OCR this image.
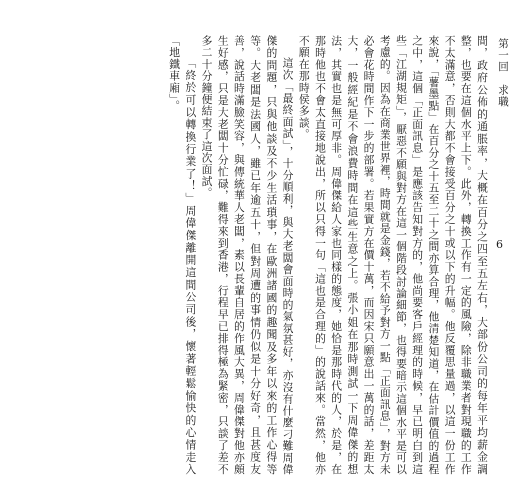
第一回求職
6

間，政府公佈的通脹率，大概在百分之四至五左右，大部份公司的每年平均薪金調整，也要在這個水平上下。此外，轉換工作有一定的風險，除非職業者對現職的工作不太滿意，否則大都不會接受百分之十或以下的升幅。他反覆思量過，以這一份工作來說，「薯墨點」在百分之十五至二十之間亦算合理，他清楚知道，在估計價值的過程之中，這個「正面訊息」是應該告知對方的，他尚要客戶經理的時候，早已明白到這些「江湖規矩」，厭惡不願與對方在這一個階段討論細節，也得要暗示這個水平是可以考慮的。因為在商業世界裡，時間就是金錢，若不給予對方一點「正面訊息」，對方未必會花時間作下一步的部署。若果實方在價十萬，而因宋只願意出一萬的話，差距太大，一般經紀是不會浪費時間在這些生意之上。張小姐在那時測試一下周偉傑的想法，其實也是無可厚非。周偉傑給人家也同樣的態度，她恰是那時代的人，於是，在那時他也不會太直接地說出，所以只得一句「這也是合理的」的說話來。當然，他亦不願在那時侯多談。

這次「最終面試」，十分順利，與大老闆會面時的氣氛甚好，亦沒有什麼刁難周偉傑的問題，只與他談及不少生活瑣事，在歐洲諸國的趣聞及多年以來的工作心得等等。大老闆是法國人，雖已年逾五十，但對周遭的事情仍似是十分好奇，且甚度友善，說話時滿臉笑容，與傳統華人老闆，素以長輩自居的作風大異，周偉傑對他亦頗生好感，只是大老闆十分忙碌，難得來到香港，行程早已排得極為緊密，只談了差不多二十分鐘便結束了這次面試。

「終於可以轉換行業了！」周偉傑離開這間公司後，懷著輕鬆愉快的心情走入「地鐵車廂」。
